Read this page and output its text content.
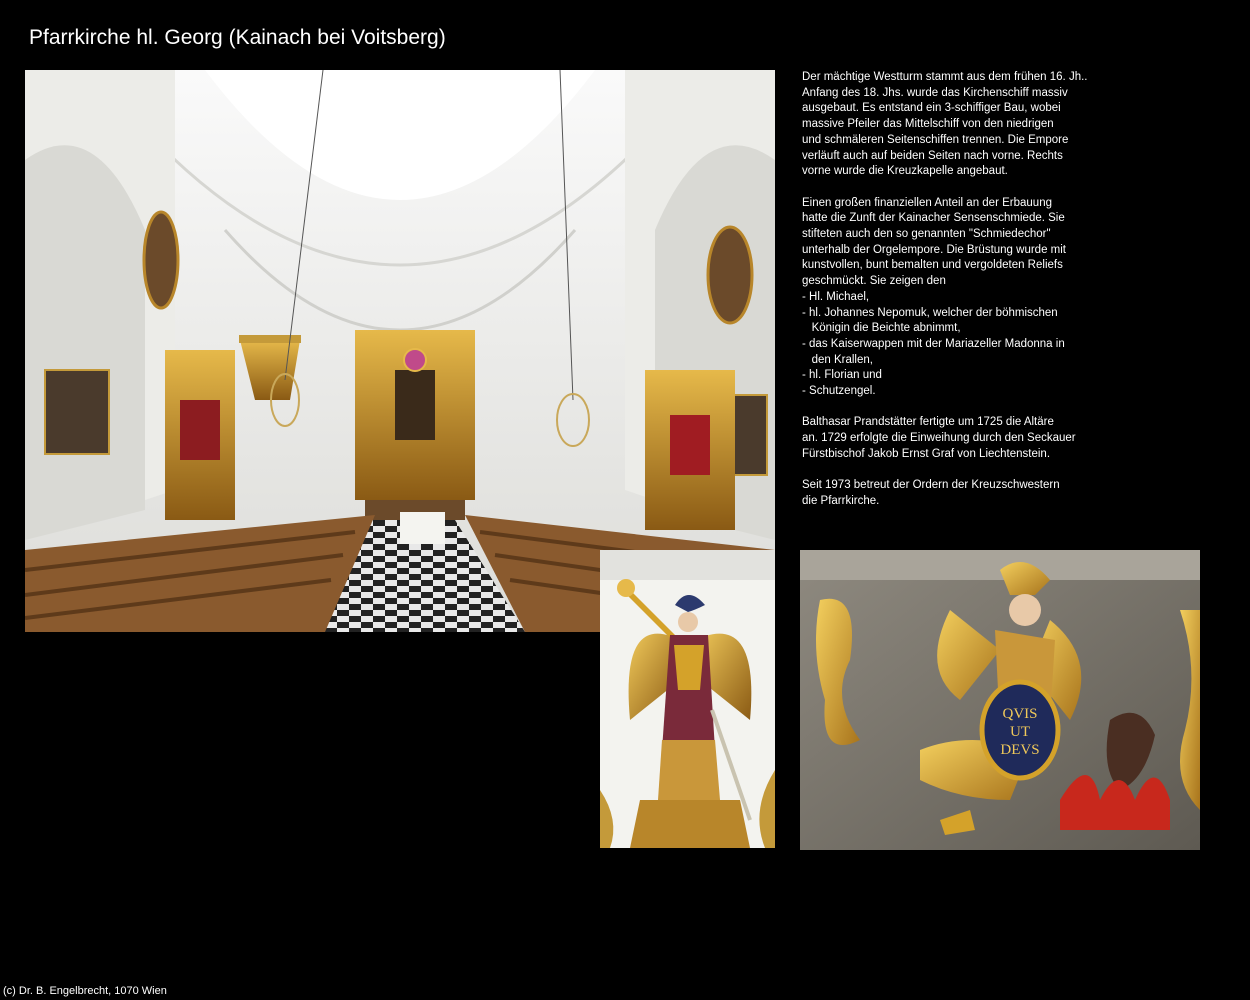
Pfarrkirche hl. Georg (Kainach bei Voitsberg)
QVIS
UT
DEVS
Der mächtige Westturm stammt aus dem frühen 16. Jh..
Anfang des 18. Jhs. wurde das Kirchenschiff massiv
ausgebaut. Es entstand ein 3-schiffiger Bau, wobei
massive Pfeiler das Mittelschiff von den niedrigen
und schmäleren Seitenschiffen trennen. Die Empore
verläuft auch auf beiden Seiten nach vorne. Rechts
vorne wurde die Kreuzkapelle angebaut.
Einen großen finanziellen Anteil an der Erbauung
hatte die Zunft der Kainacher Sensenschmiede. Sie
stifteten auch den so genannten "Schmiedechor"
unterhalb der Orgelempore. Die Brüstung wurde mit
kunstvollen, bunt bemalten und vergoldeten Reliefs
geschmückt. Sie zeigen den
- Hl. Michael,
- hl. Johannes Nepomuk, welcher der böhmischen
Königin die Beichte abnimmt,
- das Kaiserwappen mit der Mariazeller Madonna in
den Krallen,
- hl. Florian und
- Schutzengel.
Balthasar Prandstätter fertigte um 1725 die Altäre
an. 1729 erfolgte die Einweihung durch den Seckauer
Fürstbischof Jakob Ernst Graf von Liechtenstein.
Seit 1973 betreut der Ordern der Kreuzschwestern
die Pfarrkirche.
(c) Dr. B. Engelbrecht, 1070 Wien
